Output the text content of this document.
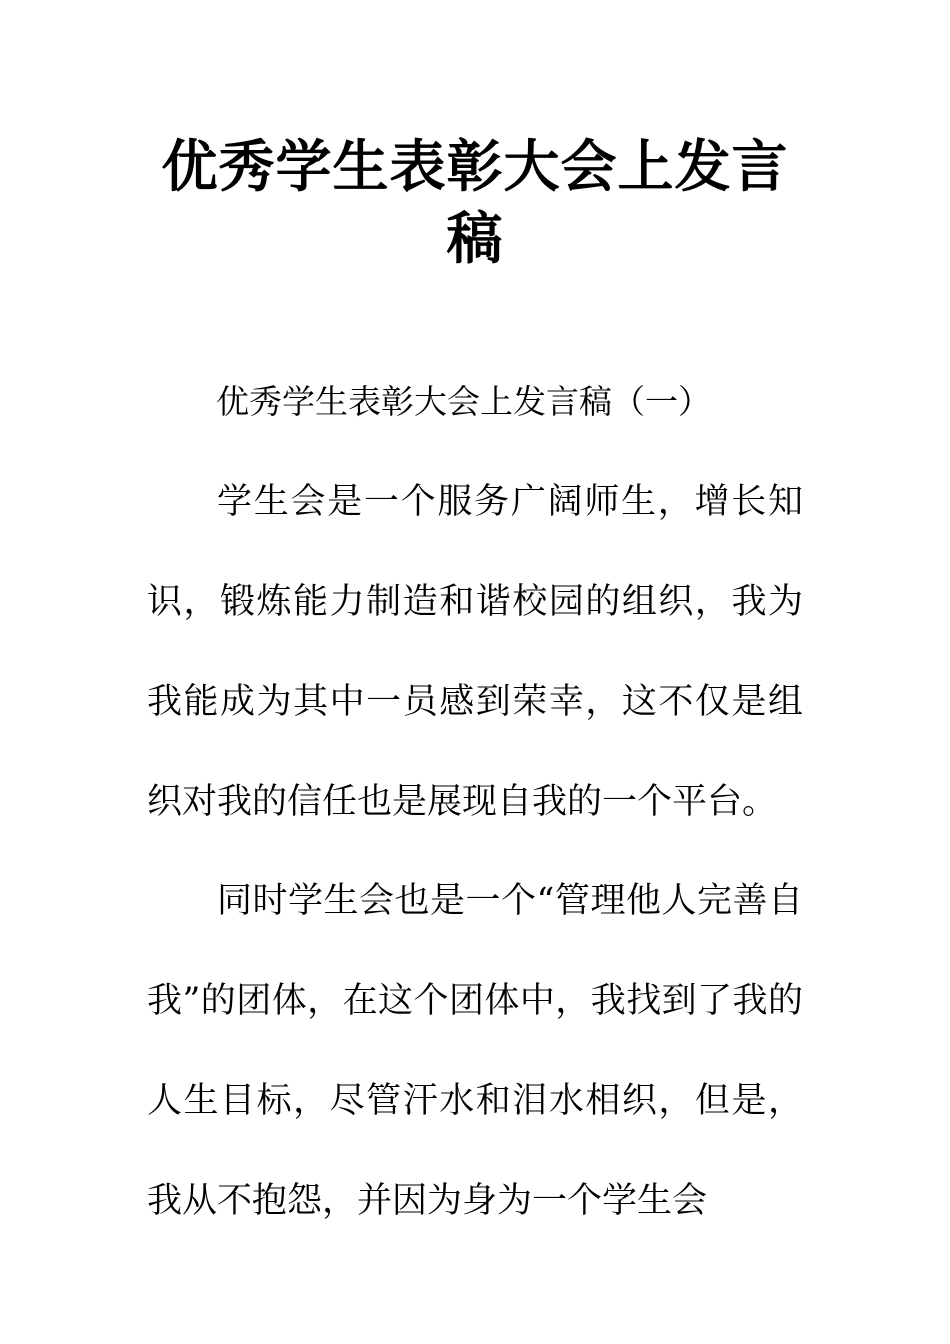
优秀学生表彰大会上发言稿

优秀学生表彰大会上发言稿（一）

学生会是一个服务广阔师生，增长知识，锻炼能力制造和谐校园的组织，我为我能成为其中一员感到荣幸，这不仅是组织对我的信任也是展现自我的一个平台。

同时学生会也是一个“管理他人完善自我”的团体，在这个团体中，我找到了我的人生目标，尽管汗水和泪水相织，但是，我从不抱怨，并因为身为一个学生会
